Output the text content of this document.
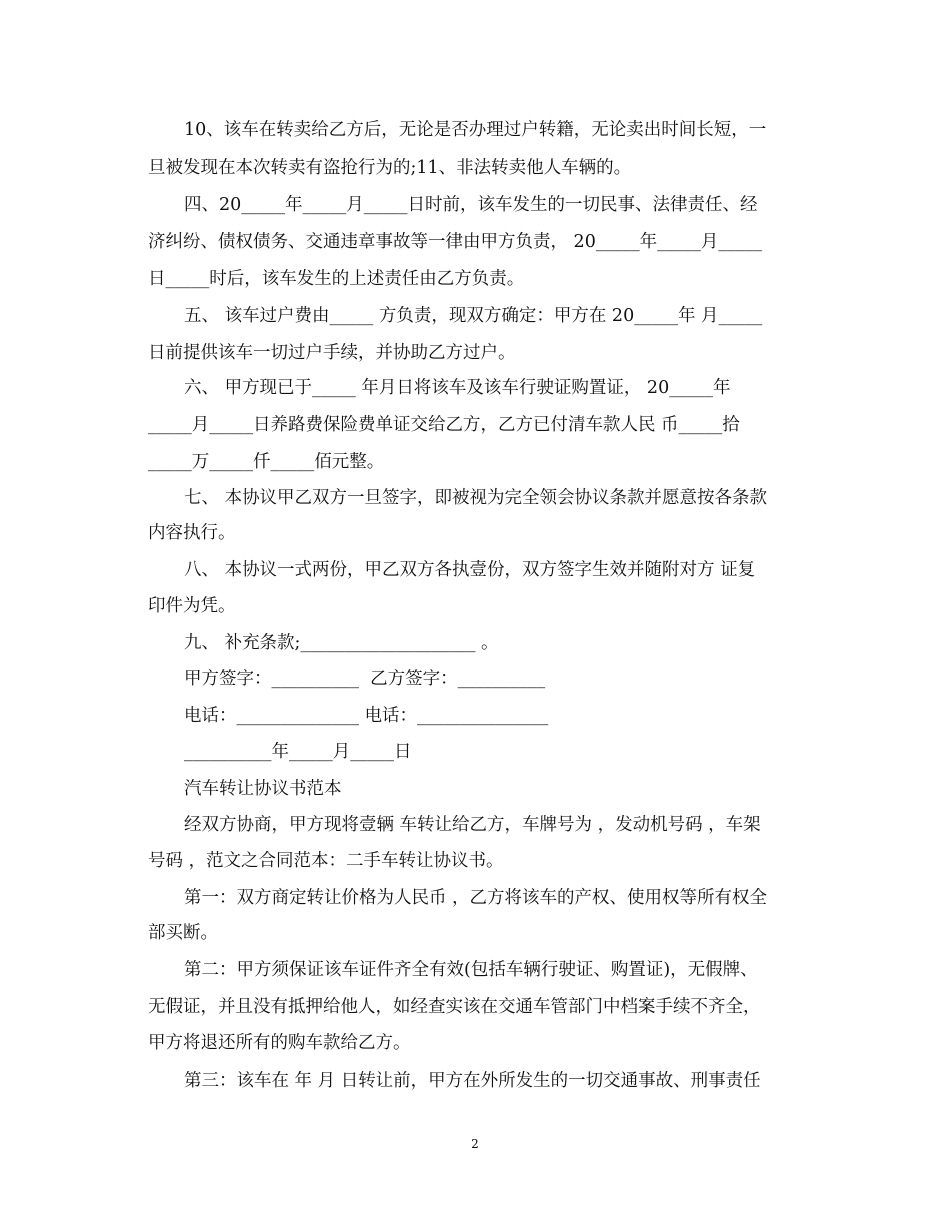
10、该车在转卖给乙方后，无论是否办理过户转籍，无论卖出时间长短，一
旦被发现在本次转卖有盗抢行为的;11、非法转卖他人车辆的。
四、20_____年_____月_____日时前，该车发生的一切民事、法律责任、经
济纠纷、债权债务、交通违章事故等一律由甲方负责， 20_____年_____月_____
日_____时后，该车发生的上述责任由乙方负责。
五、 该车过户费由_____ 方负责，现双方确定：甲方在 20_____年 月_____
日前提供该车一切过户手续，并协助乙方过户。
六、 甲方现已于_____ 年月日将该车及该车行驶证购置证， 20_____年
_____月_____日养路费保险费单证交给乙方，乙方已付清车款人民 币_____拾
_____万_____仟_____佰元整。
七、 本协议甲乙双方一旦签字，即被视为完全领会协议条款并愿意按各条款
内容执行。
八、 本协议一式两份，甲乙双方各执壹份，双方签字生效并随附对方 证复
印件为凭。
九、 补充条款;____________________ 。
甲方签字：__________  乙方签字：__________
电话：______________ 电话：_______________
__________年_____月_____日
汽车转让协议书范本
经双方协商，甲方现将壹辆 车转让给乙方，车牌号为 ，发动机号码 ，车架
号码 ，范文之合同范本：二手车转让协议书。
第一：双方商定转让价格为人民币 ，乙方将该车的产权、使用权等所有权全
部买断。
第二：甲方须保证该车证件齐全有效(包括车辆行驶证、购置证)，无假牌、
无假证，并且没有抵押给他人，如经查实该在交通车管部门中档案手续不齐全，
甲方将退还所有的购车款给乙方。
第三：该车在 年 月 日转让前，甲方在外所发生的一切交通事故、刑事责任
2
